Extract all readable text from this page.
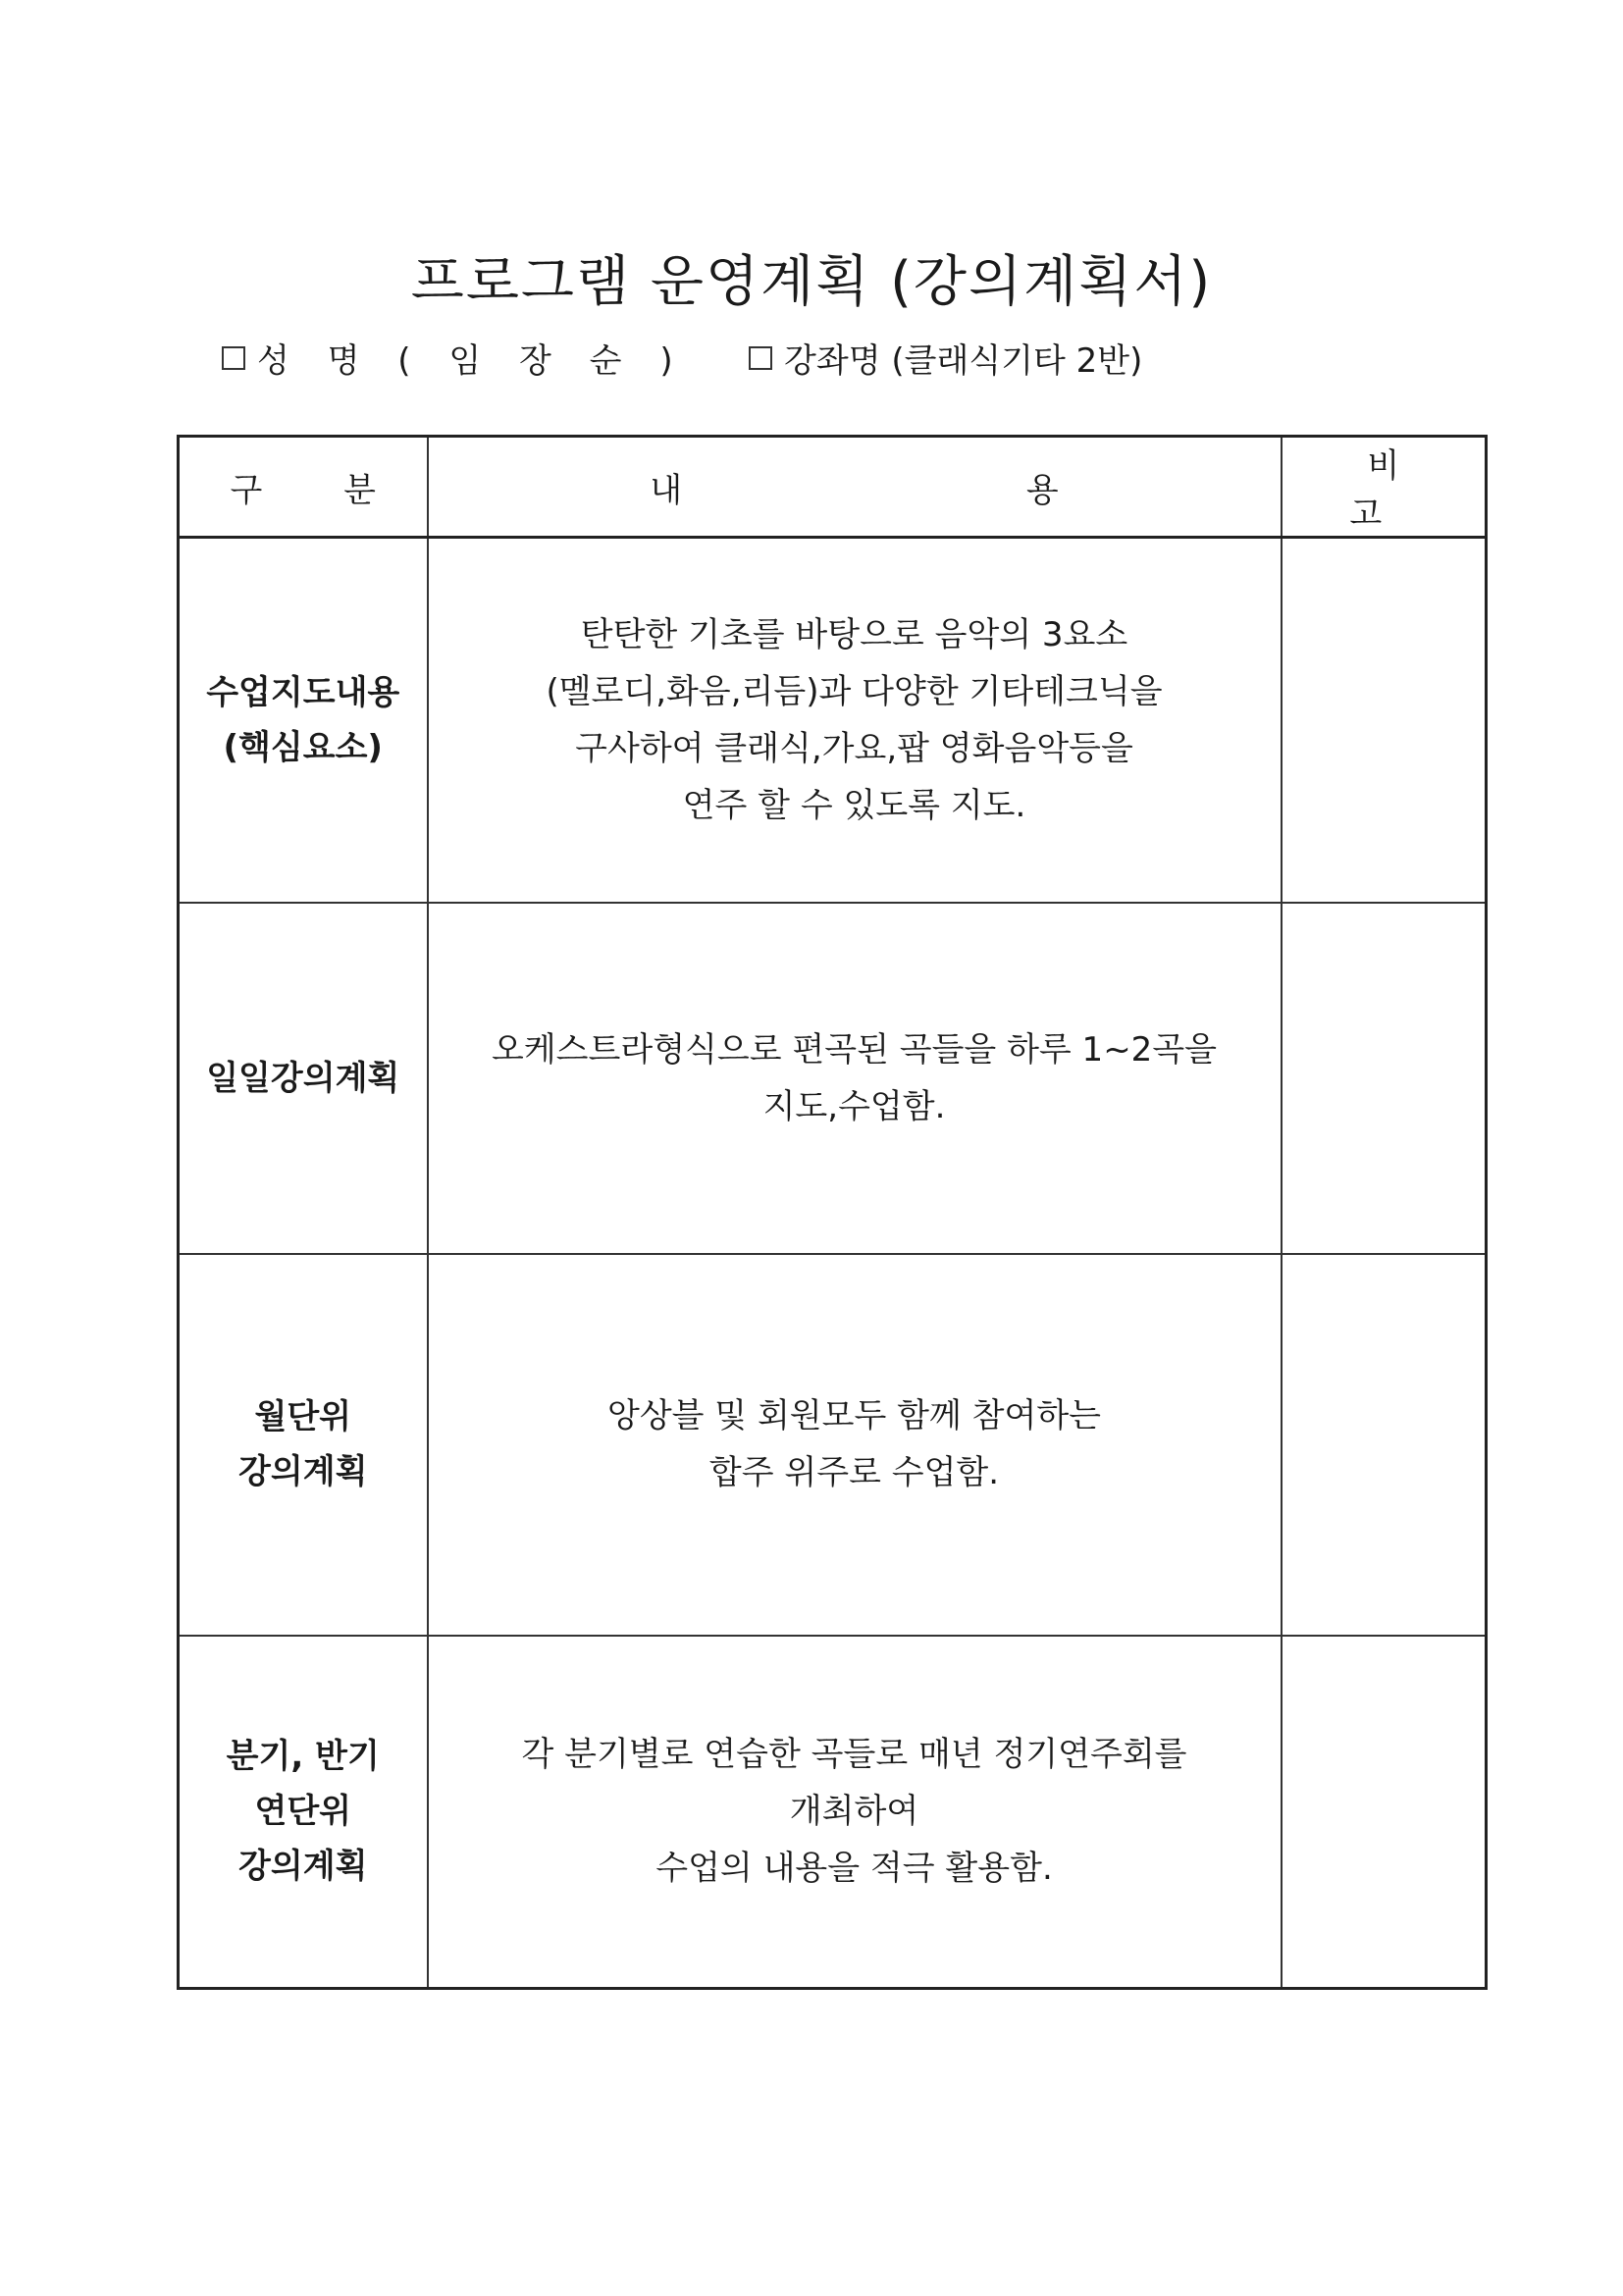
프로그램 운영계획 (강의계획서)
성 명 ( 임 장 순 )	강좌명 (클래식기타 2반)
구 분	내 용	비 고

수업지도내용
(핵심요소)	탄탄한 기초를 바탕으로 음악의 3요소
(멜로디,화음,리듬)과 다양한 기타테크닉을
구사하여 클래식,가요,팝 영화음악등을
연주 할 수 있도록 지도.	

일일강의계획	오케스트라형식으로 편곡된 곡들을 하루 1~2곡을
지도,수업함.	

월단위
강의계획	앙상블 및 회원모두 함께 참여하는
합주 위주로 수업함.	

분기, 반기
연단위
강의계획	각 분기별로 연습한 곡들로 매년 정기연주회를
개최하여
수업의 내용을 적극 활용함.	
